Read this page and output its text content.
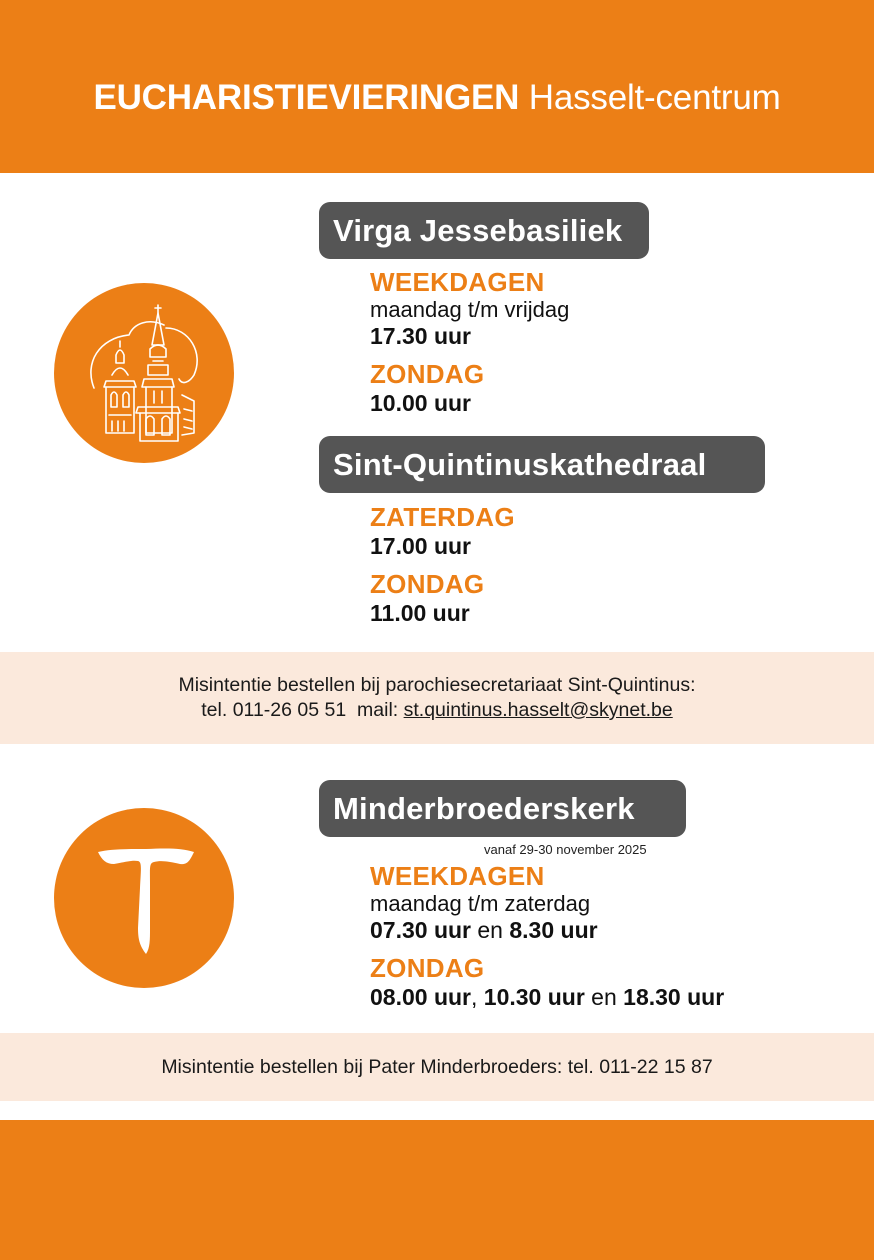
EUCHARISTIEVIERINGEN Hasselt-centrum
Virga Jessebasiliek
WEEKDAGEN
maandag t/m vrijdag
17.30 uur
ZONDAG
10.00 uur
Sint-Quintinuskathedraal
ZATERDAG
17.00 uur
ZONDAG
11.00 uur
Misintentie bestellen bij parochiesecretariaat Sint-Quintinus:
tel. 011-26 05 51  mail: st.quintinus.hasselt@skynet.be
Minderbroederskerk
vanaf 29-30 november 2025
WEEKDAGEN
maandag t/m zaterdag
07.30 uur en 8.30 uur
ZONDAG
08.00 uur, 10.30 uur en 18.30 uur
Misintentie bestellen bij Pater Minderbroeders: tel. 011-22 15 87
